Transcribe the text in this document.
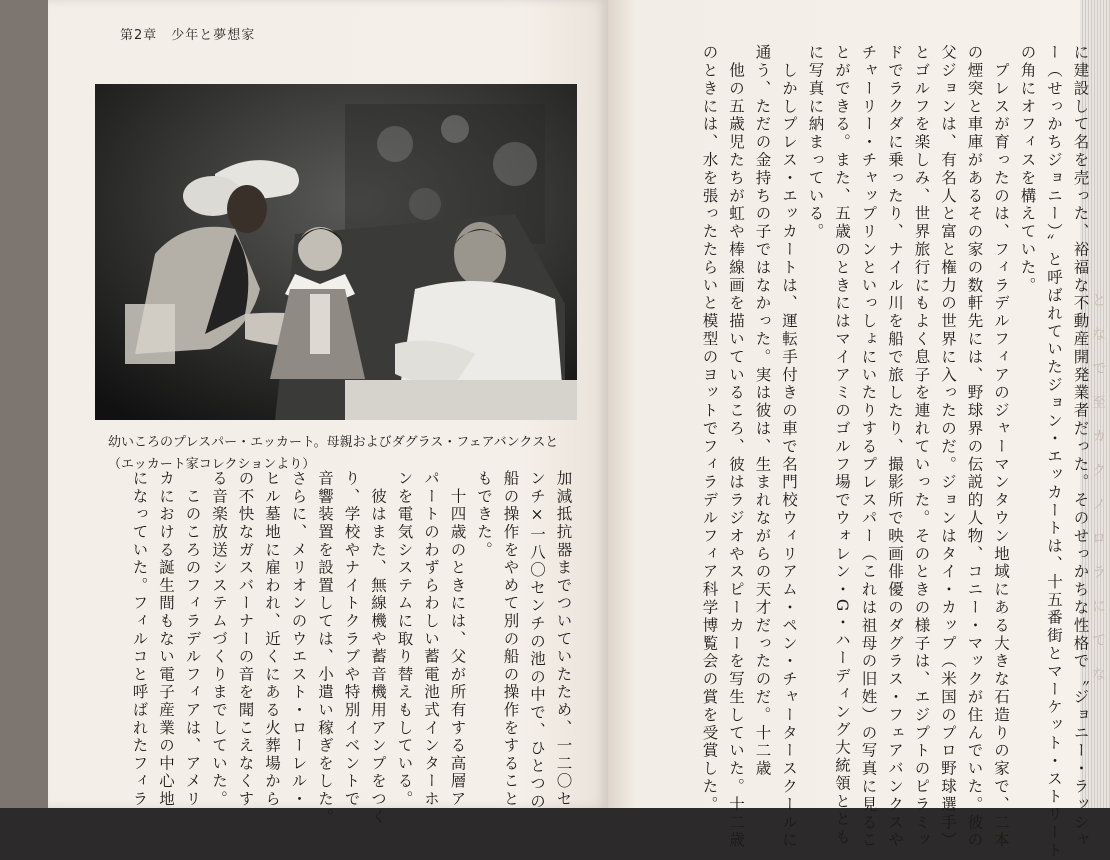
第2章　少年と夢想家
幼いころのプレスパー・エッカート。母親およびダグラス・フェアバンクスと
（エッカート家コレクションより）	に建設して名を売った、裕福な不動産開発業者だった。そのせっかちな性格で〝ジョニー・ラッシャ
ー（せっかちジョニー）〟と呼ばれていたジョン・エッカートは、十五番街とマーケット・ストリート
の角にオフィスを構えていた。
　プレスが育ったのは、フィラデルフィアのジャーマンタウン地域にある大きな石造りの家で、二本
の煙突と車庫があるその家の数軒先には、野球界の伝説的人物、コニー・マックが住んでいた。彼の
父ジョンは、有名人と富と権力の世界に入ったのだ。ジョンはタイ・カップ（米国のプロ野球選手）
とゴルフを楽しみ、世界旅行にもよく息子を連れていった。そのときの様子は、エジプトのピラミッ
ドでラクダに乗ったり、ナイル川を船で旅したり、撮影所で映画俳優のダグラス・フェアバンクスや
チャーリー・チャップリンといっしょにいたりするプレスパー（これは祖母の旧姓）の写真に見るこ
とができる。また、五歳のときにはマイアミのゴルフ場でウォレン・G・ハーディング大統領ととも
に写真に納まっている。
　しかしプレス・エッカートは、運転手付きの車で名門校ウィリアム・ペン・チャータースクールに
通う、ただの金持ちの子ではなかった。実は彼は、生まれながらの天才だったのだ。十二歳
　他の五歳児たちが虹や棒線画を描いているころ、彼はラジオやスピーカーを写生していた。十二歳
のときには、水を張ったたらいと模型のヨットでフィラデルフィア科学博覧会の賞を受賞した。
加減抵抗器までついていたため、一二〇セ
ンチ×一八〇センチの池の中で、ひとつの
船の操作をやめて別の船の操作をすること
もできた。
　十四歳のときには、父が所有する高層ア
パートのわずらわしい蓄電池式インターホ
ンを電気システムに取り替えもしている。
　彼はまた、無線機や蓄音機用アンプをつく
り、学校やナイトクラブや特別イベントで
音響装置を設置しては、小遣い稼ぎをした。
さらに、メリオンのウエスト・ローレル・
ヒル墓地に雇われ、近くにある火葬場から
の不快なガスバーナーの音を聞こえなくす
る音楽放送システムづくりまでしていた。
　このころのフィラデルフィアは、アメリ
カにおける誕生間もない電子産業の中心地
になっていた。フィルコと呼ばれたフィラ
と
な
で
至
カ
ク
ノ
ロ
ラ
に
て
な
